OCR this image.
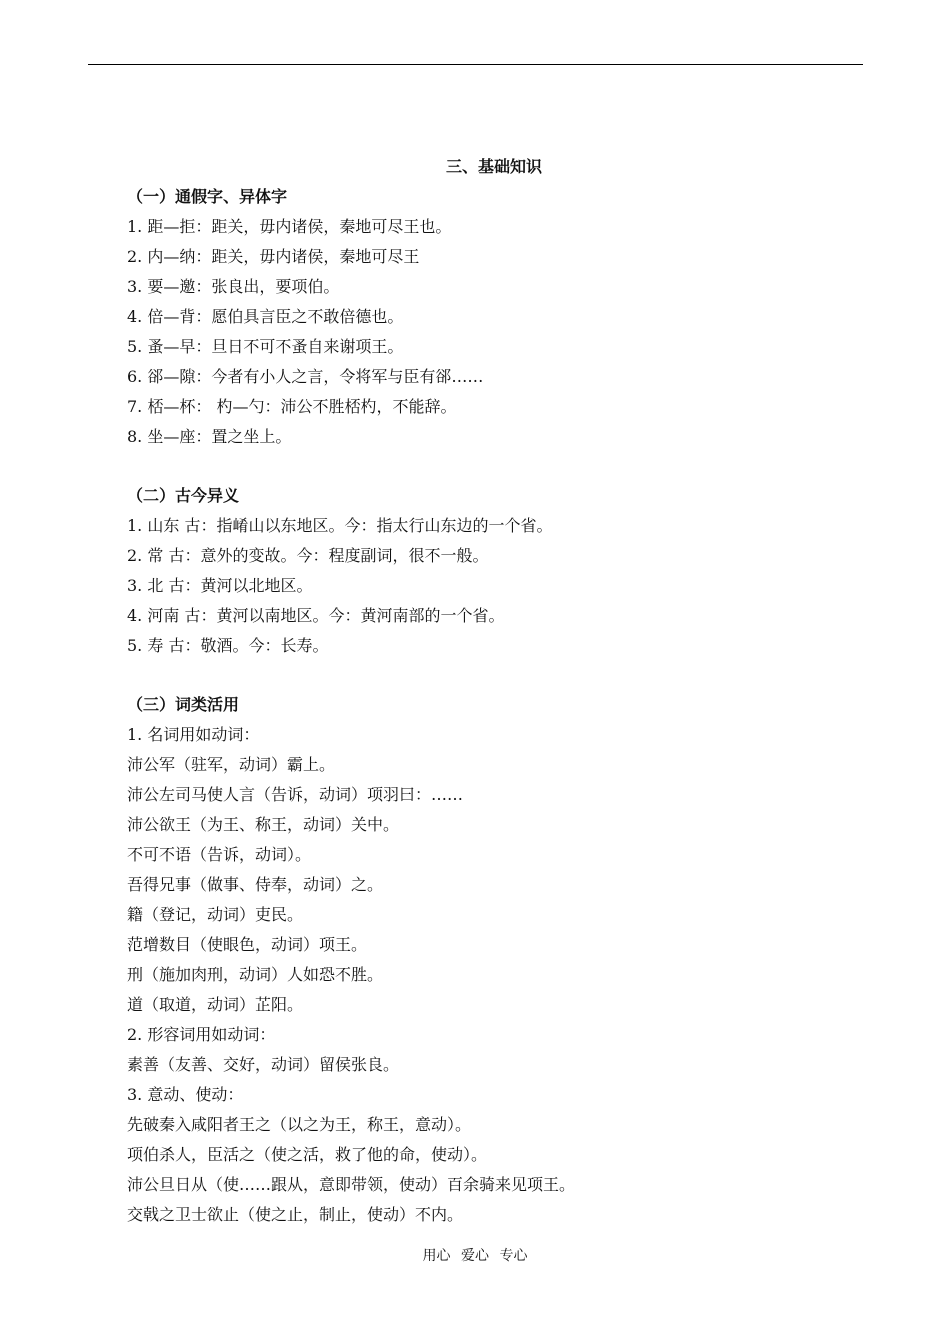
三、基础知识
（一）通假字、异体字
1. 距—拒：距关，毋内诸侯，秦地可尽王也。
2. 内—纳：距关，毋内诸侯，秦地可尽王
3. 要—邀：张良出，要项伯。
4. 倍—背：愿伯具言臣之不敢倍德也。
5. 蚤—早：旦日不可不蚤自来谢项王。
6. 郤—隙：今者有小人之言，令将军与臣有郤……
7. 桮—杯： 杓—勺：沛公不胜桮杓，不能辞。
8. 坐—座：置之坐上。
（二）古今异义
1. 山东 古：指崤山以东地区。今：指太行山东边的一个省。
2. 常 古：意外的变故。今：程度副词，很不一般。
3. 北 古：黄河以北地区。
4. 河南 古：黄河以南地区。今：黄河南部的一个省。
5. 寿 古：敬酒。今：长寿。
（三）词类活用
1. 名词用如动词：
沛公军（驻军，动词）霸上。
沛公左司马使人言（告诉，动词）项羽曰：……
沛公欲王（为王、称王，动词）关中。
不可不语（告诉，动词）。
吾得兄事（做事、侍奉，动词）之。
籍（登记，动词）吏民。
范增数目（使眼色，动词）项王。
刑（施加肉刑，动词）人如恐不胜。
道（取道，动词）芷阳。
2. 形容词用如动词：
素善（友善、交好，动词）留侯张良。
3. 意动、使动：
先破秦入咸阳者王之（以之为王，称王，意动）。
项伯杀人，臣活之（使之活，救了他的命，使动）。
沛公旦日从（使……跟从，意即带领，使动）百余骑来见项王。
交戟之卫士欲止（使之止，制止，使动）不内。
用心 爱心 专心
